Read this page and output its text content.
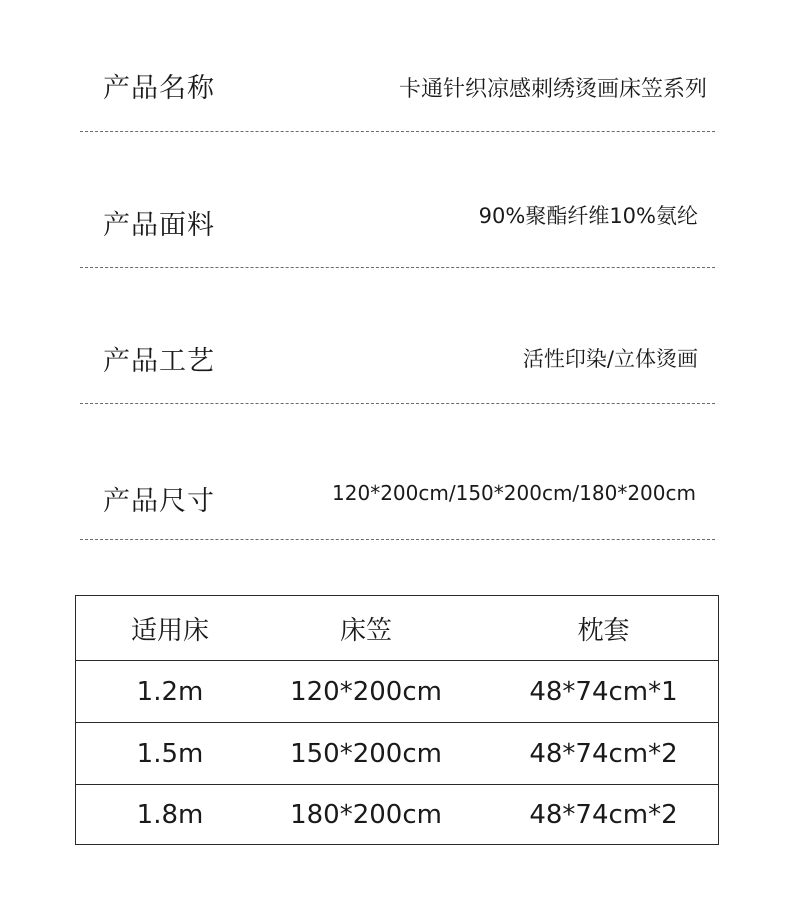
产品名称	卡通针织凉感刺绣烫画床笠系列
产品面料	90%聚酯纤维10%氨纶
产品工艺	活性印染/立体烫画
产品尺寸	120*200cm/150*200cm/180*200cm
适用床	床笠	枕套
1.2m	120*200cm	48*74cm*1
1.5m	150*200cm	48*74cm*2
1.8m	180*200cm	48*74cm*2
